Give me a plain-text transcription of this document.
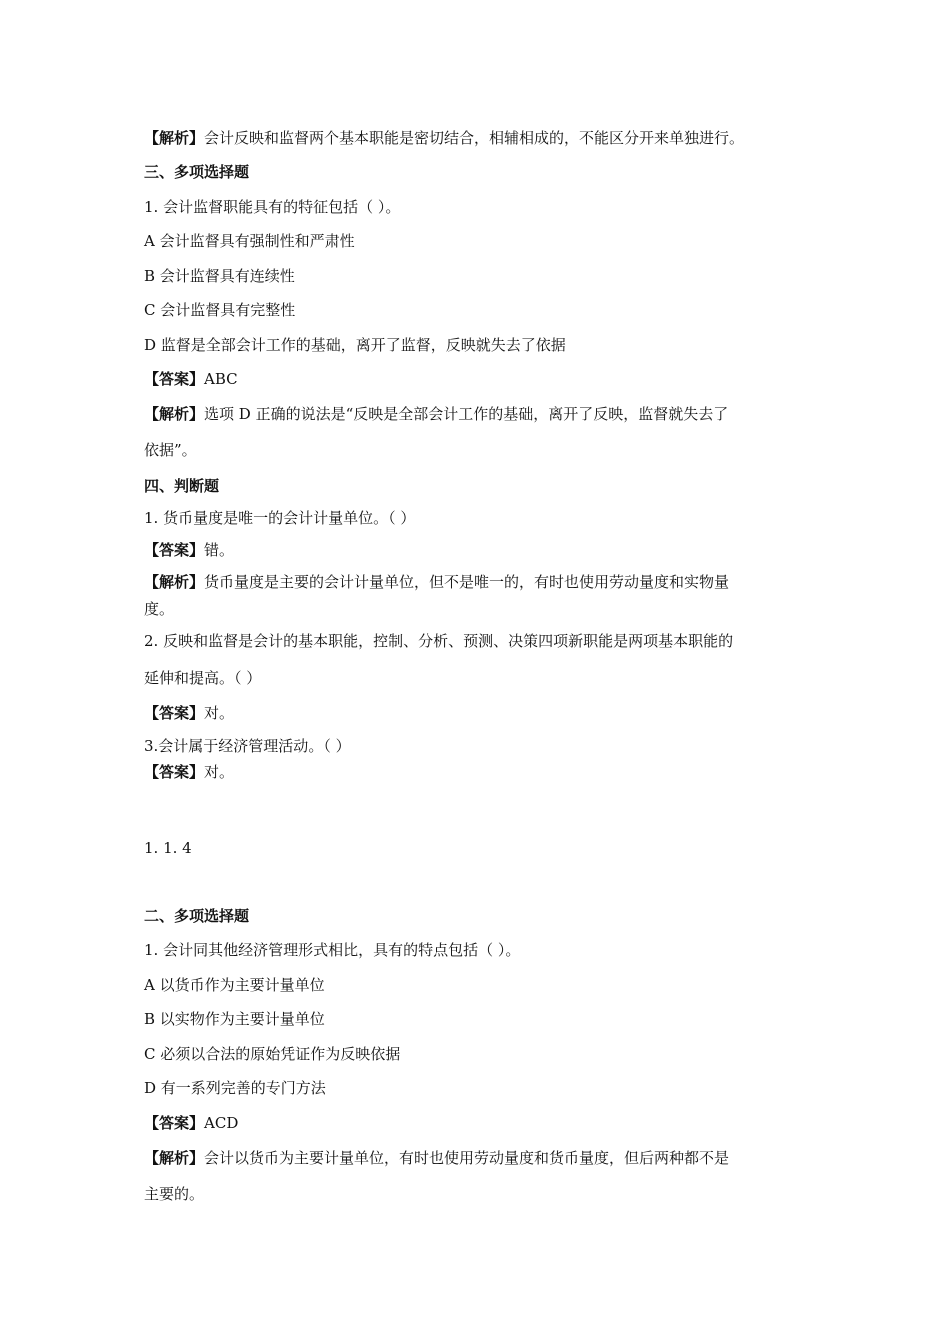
【解析】会计反映和监督两个基本职能是密切结合，相辅相成的，不能区分开来单独进行。
三、多项选择题
1. 会计监督职能具有的特征包括（ ）。
A 会计监督具有强制性和严肃性
B 会计监督具有连续性
C 会计监督具有完整性
D 监督是全部会计工作的基础，离开了监督，反映就失去了依据
【答案】ABC
【解析】选项 D 正确的说法是“反映是全部会计工作的基础，离开了反映，监督就失去了
依据”。
四、判断题
1. 货币量度是唯一的会计计量单位。（ ）
【答案】错。
【解析】货币量度是主要的会计计量单位，但不是唯一的，有时也使用劳动量度和实物量
度。
2. 反映和监督是会计的基本职能，控制、分析、预测、决策四项新职能是两项基本职能的
延伸和提高。（ ）
【答案】对。
3.会计属于经济管理活动。（ ）
【答案】对。
1. 1. 4
二、多项选择题
1. 会计同其他经济管理形式相比，具有的特点包括（ ）。
A 以货币作为主要计量单位
B 以实物作为主要计量单位
C 必须以合法的原始凭证作为反映依据
D 有一系列完善的专门方法
【答案】ACD
【解析】会计以货币为主要计量单位，有时也使用劳动量度和货币量度，但后两种都不是
主要的。
